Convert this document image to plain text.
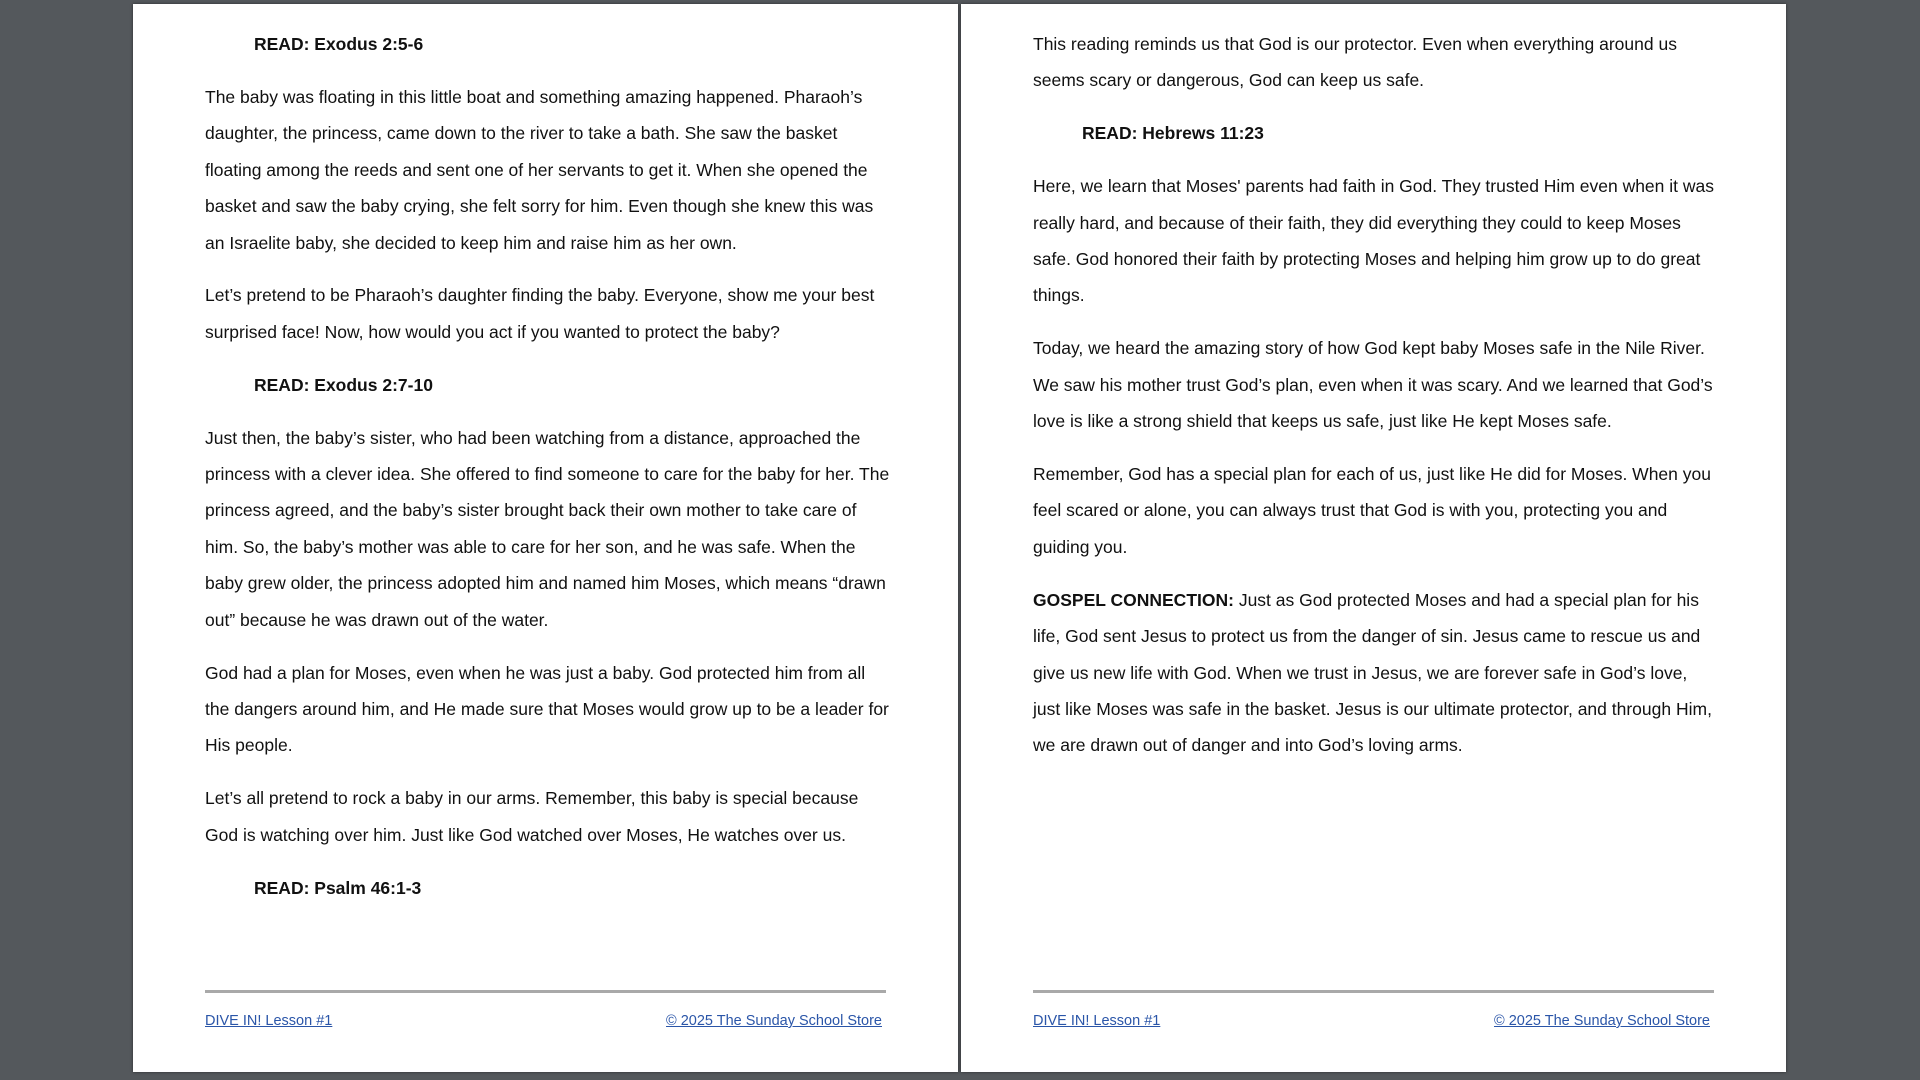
READ: Exodus 2:5-6

The baby was floating in this little boat and something amazing happened. Pharaoh’s daughter, the princess, came down to the river to take a bath. She saw the basket floating among the reeds and sent one of her servants to get it. When she opened the basket and saw the baby crying, she felt sorry for him. Even though she knew this was an Israelite baby, she decided to keep him and raise him as her own.

Let’s pretend to be Pharaoh’s daughter finding the baby. Everyone, show me your best surprised face! Now, how would you act if you wanted to protect the baby?

READ: Exodus 2:7-10

Just then, the baby’s sister, who had been watching from a distance, approached the princess with a clever idea. She offered to find someone to care for the baby for her. The princess agreed, and the baby’s sister brought back their own mother to take care of him. So, the baby’s mother was able to care for her son, and he was safe. When the baby grew older, the princess adopted him and named him Moses, which means “drawn out” because he was drawn out of the water.

God had a plan for Moses, even when he was just a baby. God protected him from all the dangers around him, and He made sure that Moses would grow up to be a leader for His people.

Let’s all pretend to rock a baby in our arms. Remember, this baby is special because God is watching over him. Just like God watched over Moses, He watches over us.

READ: Psalm 46:1-3
DIVE IN! Lesson #1	© 2025 The Sunday School Store

This reading reminds us that God is our protector. Even when everything around us seems scary or dangerous, God can keep us safe.

READ: Hebrews 11:23

Here, we learn that Moses' parents had faith in God. They trusted Him even when it was really hard, and because of their faith, they did everything they could to keep Moses safe. God honored their faith by protecting Moses and helping him grow up to do great things.

Today, we heard the amazing story of how God kept baby Moses safe in the Nile River. We saw his mother trust God’s plan, even when it was scary. And we learned that God’s love is like a strong shield that keeps us safe, just like He kept Moses safe.

Remember, God has a special plan for each of us, just like He did for Moses. When you feel scared or alone, you can always trust that God is with you, protecting you and guiding you.

GOSPEL CONNECTION: Just as God protected Moses and had a special plan for his life, God sent Jesus to protect us from the danger of sin. Jesus came to rescue us and give us new life with God. When we trust in Jesus, we are forever safe in God’s love, just like Moses was safe in the basket. Jesus is our ultimate protector, and through Him, we are drawn out of danger and into God’s loving arms.

DIVE IN! Lesson #1	© 2025 The Sunday School Store
